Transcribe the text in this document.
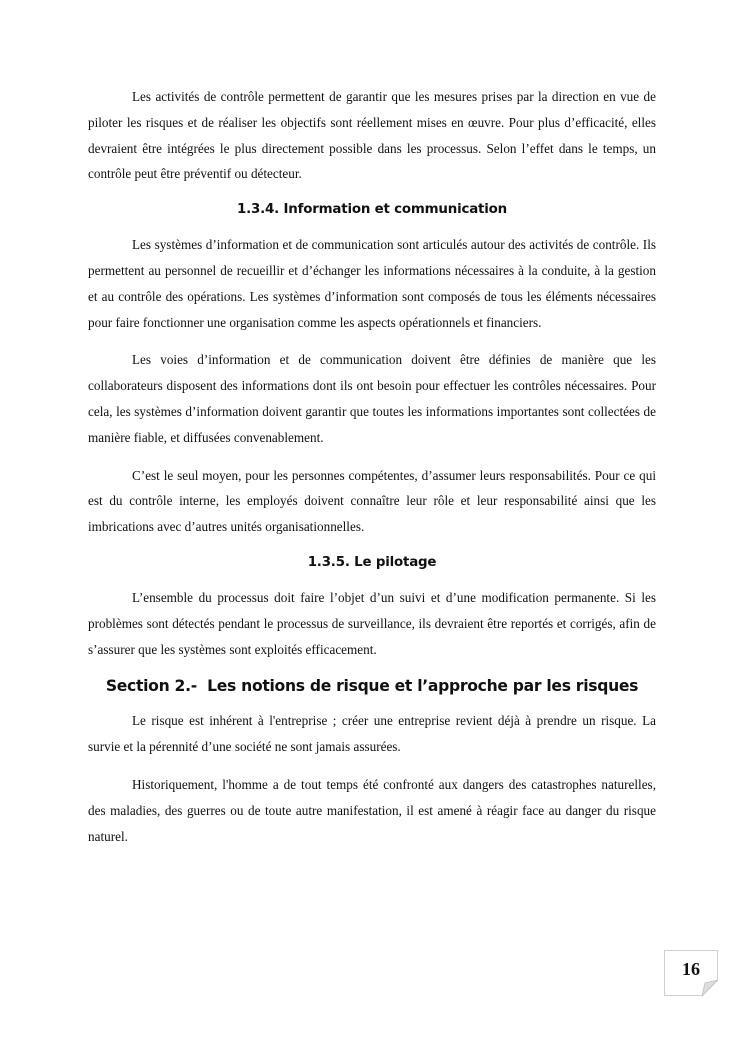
Les activités de contrôle permettent de garantir que les mesures prises par la direction en vue de piloter les risques et de réaliser les objectifs sont réellement mises en œuvre. Pour plus d’efficacité, elles devraient être intégrées le plus directement possible dans les processus. Selon l’effet dans le temps, un contrôle peut être préventif ou détecteur.

1.3.4. Information et communication

Les systèmes d’information et de communication sont articulés autour des activités de contrôle. Ils permettent au personnel de recueillir et d’échanger les informations nécessaires à la conduite, à la gestion et au contrôle des opérations. Les systèmes d’information sont composés de tous les éléments nécessaires pour faire fonctionner une organisation comme les aspects opérationnels et financiers.

Les voies d’information et de communication doivent être définies de manière que les collaborateurs disposent des informations dont ils ont besoin pour effectuer les contrôles nécessaires. Pour cela, les systèmes d’information doivent garantir que toutes les informations importantes sont collectées de manière fiable, et diffusées convenablement.

C’est le seul moyen, pour les personnes compétentes, d’assumer leurs responsabilités. Pour ce qui est du contrôle interne, les employés doivent connaître leur rôle et leur responsabilité ainsi que les imbrications avec d’autres unités organisationnelles.

1.3.5. Le pilotage

L’ensemble du processus doit faire l’objet d’un suivi et d’une modification permanente. Si les problèmes sont détectés pendant le processus de surveillance, ils devraient être reportés et corrigés, afin de s’assurer que les systèmes sont exploités efficacement.

Section 2.-  Les notions de risque et l’approche par les risques

Le risque est inhérent à l'entreprise ; créer une entreprise revient déjà à prendre un risque. La survie et la pérennité d’une société ne sont jamais assurées.

Historiquement, l'homme a de tout temps été confronté aux dangers des catastrophes naturelles, des maladies, des guerres ou de toute autre manifestation, il est amené à réagir face au danger du risque naturel.

16
